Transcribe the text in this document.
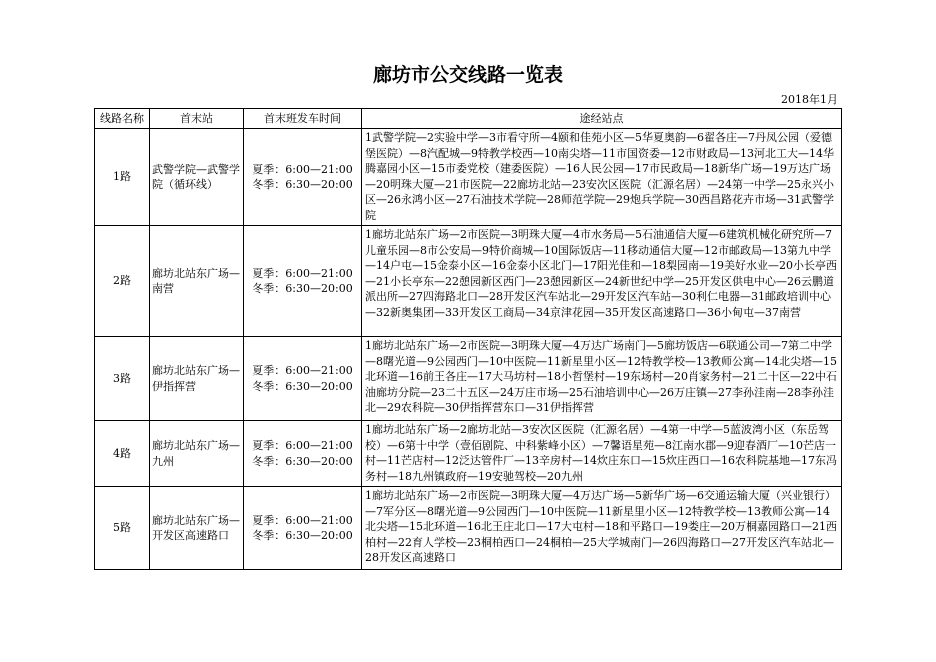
廊坊市公交线路一览表
2018年1月
线路名称	首末站	首末班发车时间	途经站点
1路	武警学院—武警学院（循环线）	夏季：6:00—21:00
冬季：6:30—20:00	1武警学院—2实验中学—3市看守所—4颐和佳苑小区—5华夏奥韵—6翟各庄—7丹凤公园（爱德堡医院）—8汽配城—9特教学校西—10南尖塔—11市国资委—12市财政局—13河北工大—14华腾嘉园小区—15市委党校（建委医院）—16人民公园—17市民政局—18新华广场—19万达广场—20明珠大厦—21市医院—22廊坊北站—23安次区医院（汇源名居）—24第一中学—25永兴小区—26永鸿小区—27石油技术学院—28师范学院—29炮兵学院—30西昌路花卉市场—31武警学院

2路	廊坊北站东广场—南营	夏季：6:00—21:00
冬季：6:30—20:00	1廊坊北站东广场—2市医院—3明珠大厦—4市水务局—5石油通信大厦—6建筑机械化研究所—7儿童乐园—8市公安局—9特价商城—10国际饭店—11移动通信大厦—12市邮政局—13第九中学—14户屯—15金泰小区—16金泰小区北门—17阳光佳和—18梨园南—19美好水业—20小长亭西—21小长亭东—22憩园新区西门—23憩园新区—24新世纪中学—25开发区供电中心—26云鹏道派出所—27四海路北口—28开发区汽车站北—29开发区汽车站—30利仁电器—31邮政培训中心—32新奥集团—33开发区工商局—34京津花园—35开发区高速路口—36小甸屯—37南营

3路	廊坊北站东广场—伊指挥营	夏季：6:00—21:00
冬季：6:30—20:00	1廊坊北站东广场—2市医院—3明珠大厦—4万达广场南门—5廊坊饭店—6联通公司—7第二中学—8曙光道—9公园西门—10中医院—11新星里小区—12特教学校—13教师公寓—14北尖塔—15北环道—16前王各庄—17大马坊村—18小哲堡村—19东场村—20肖家务村—21二十区—22中石油廊坊分院—23二十五区—24万庄市场—25石油培训中心—26万庄镇—27李孙洼南—28李孙洼北—29农科院—30伊指挥营东口—31伊指挥营

4路	廊坊北站东广场—九州	夏季：6:00—21:00
冬季：6:30—20:00	1廊坊北站东广场—2廊坊北站—3安次区医院（汇源名居）—4第一中学—5蓝波湾小区（东岳驾校）—6第十中学（壹佰剧院、中科紫峰小区）—7馨语星苑—8江南水郡—9迎春酒厂—10芒店一村—11芒店村—12泛达管件厂—13辛房村—14炊庄东口—15炊庄西口—16农科院基地—17东冯务村—18九州镇政府—19安驰驾校—20九州

5路	廊坊北站东广场—开发区高速路口	夏季：6:00—21:00
冬季：6:30—20:00	1廊坊北站东广场—2市医院—3明珠大厦—4万达广场—5新华广场—6交通运输大厦（兴业银行）—7军分区—8曙光道—9公园西门—10中医院—11新星里小区—12特教学校—13教师公寓—14北尖塔—15北环道—16北王庄北口—17大屯村—18和平路口—19娄庄—20万桐嘉园路口—21西柏村—22育人学校—23桐柏西口—24桐柏—25大学城南门—26四海路口—27开发区汽车站北—28开发区高速路口
